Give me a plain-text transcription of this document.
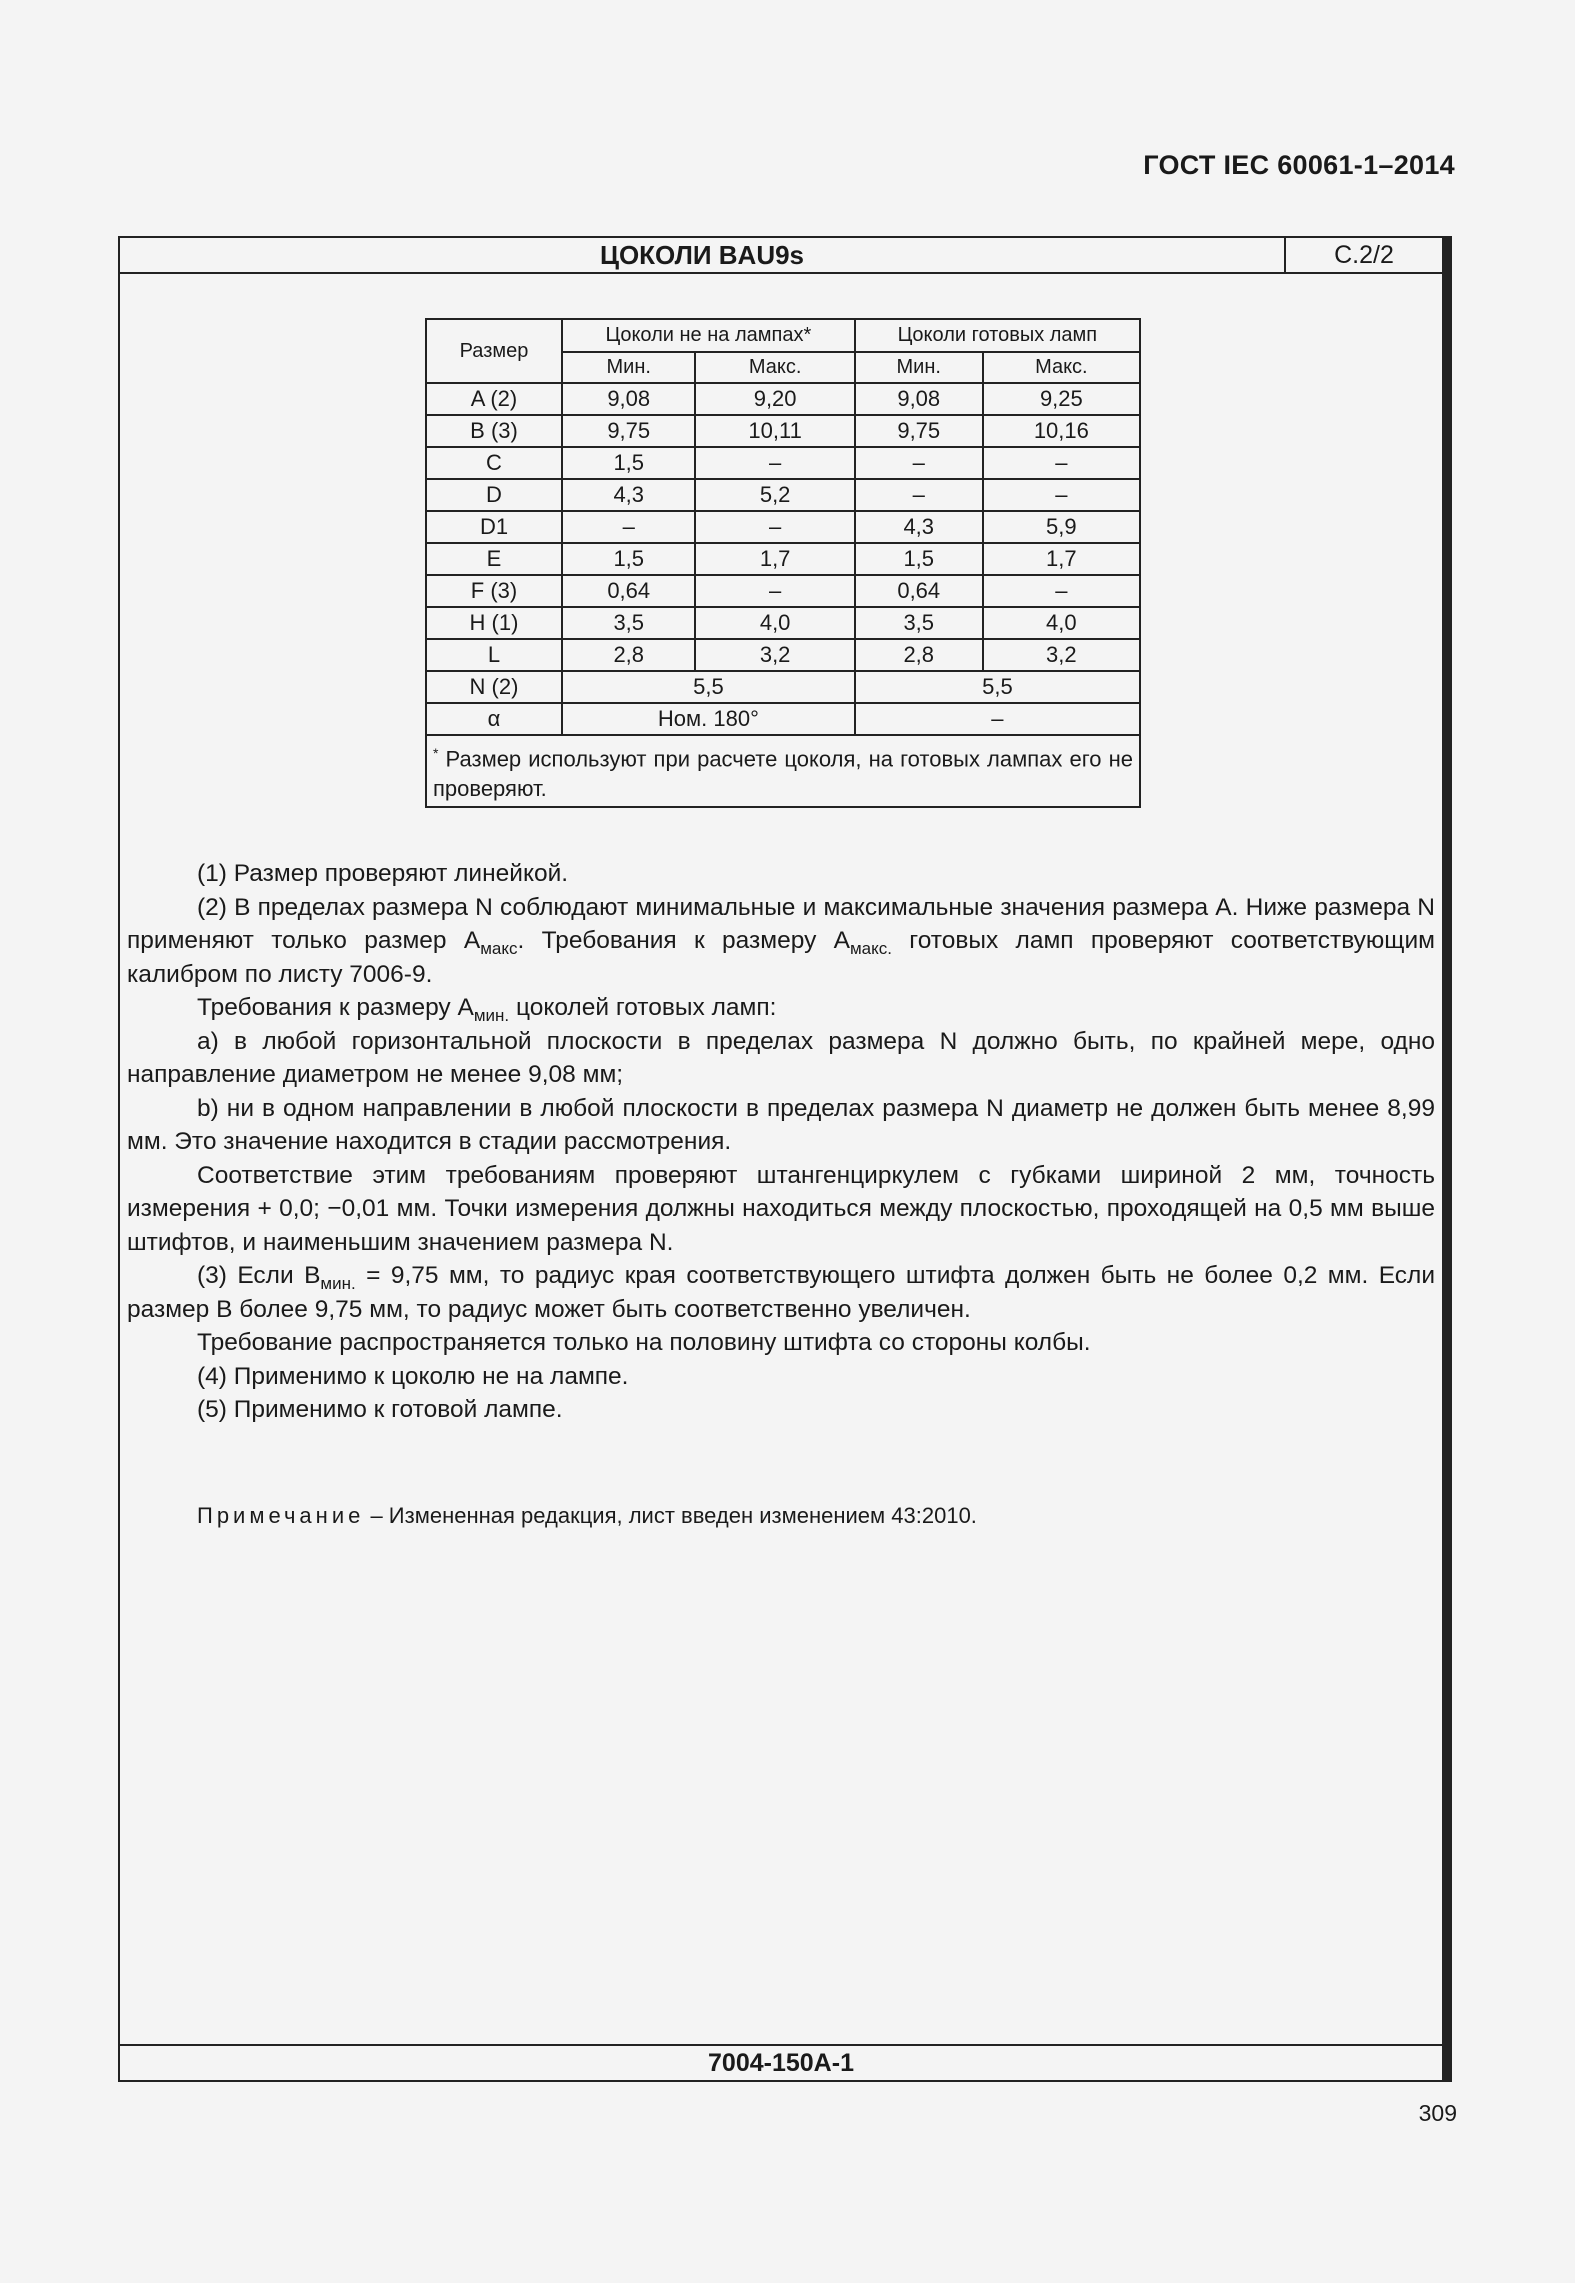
ГОСТ IEC 60061-1–2014
ЦОКОЛИ BAU9s	С.2/2
Размер	Цоколи не на лампах*		Цоколи готовых ламп	
	Мин.	Макс.	Мин.	Макс.
A (2)	9,08	9,20	9,08	9,25
B (3)	9,75	10,11	9,75	10,16
C	1,5	–	–	–
D	4,3	5,2	–	–
D1	–	–	4,3	5,9
E	1,5	1,7	1,5	1,7
F (3)	0,64	–	0,64	–
H (1)	3,5	4,0	3,5	4,0
L	2,8	3,2	2,8	3,2
N (2)	5,5		5,5	
α	Ном. 180°		–	
* Размер используют при расчете цоколя, на готовых лампах его не проверяют.				
7004-150A-1

(1) Размер проверяют линейкой.

(2) В пределах размера N соблюдают минимальные и максимальные значения размера A. Ниже размера N применяют только размер $A_{макс}$. Требования к размеру $A_{макс.}$ готовых ламп проверяют соответствующим калибром по листу 7006-9.

Требования к размеру $A_{мин.}$ цоколей готовых ламп:

a) в любой горизонтальной плоскости в пределах размера N должно быть, по крайней мере, одно направление диаметром не менее 9,08 мм;

b) ни в одном направлении в любой плоскости в пределах размера N диаметр не должен быть менее 8,99 мм. Это значение находится в стадии рассмотрения.

Соответствие этим требованиям проверяют штангенциркулем с губками шириной 2 мм, точность измерения + 0,0; −0,01 мм. Точки измерения должны находиться между плоскостью, проходящей на 0,5 мм выше штифтов, и наименьшим значением размера N.

(3) Если $B_{мин.} = 9,75$ мм, то радиус края соответствующего штифта должен быть не более 0,2 мм. Если размер B более 9,75 мм, то радиус может быть соответственно увеличен.

Требование распространяется только на половину штифта со стороны колбы.

(4) Применимо к цоколю не на лампе.

(5) Применимо к готовой лампе.

Примечание – Измененная редакция, лист введен изменением 43:2010.
309
